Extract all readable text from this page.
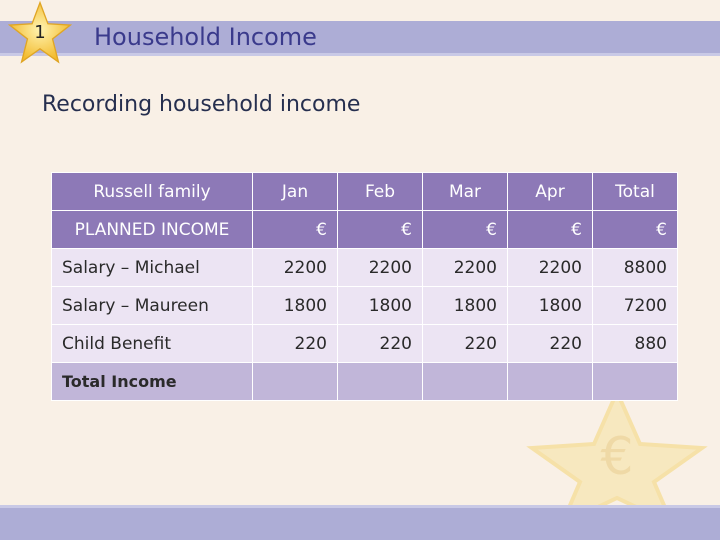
1	Household Income
Recording household income
€
Russell family	Jan	Feb	Mar	Apr	Total
PLANNED INCOME	€	€	€	€	€
Salary – Michael	2200	2200	2200	2200	8800
Salary – Maureen	1800	1800	1800	1800	7200
Child Benefit	220	220	220	220	880
Total Income					
